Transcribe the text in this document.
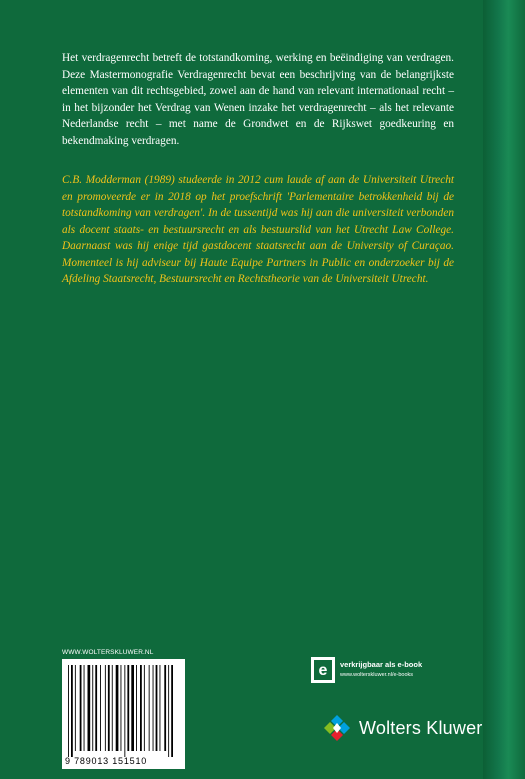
Het verdragenrecht betreft de totstandkoming, werking en beëindiging van verdragen. Deze Mastermonografie Verdragenrecht bevat een beschrijving van de belangrijkste elementen van dit rechtsgebied, zowel aan de hand van relevant internationaal recht – in het bijzonder het Verdrag van Wenen inzake het verdragenrecht – als het relevante Nederlandse recht – met name de Grondwet en de Rijkswet goedkeuring en bekendmaking verdragen.

C.B. Modderman (1989) studeerde in 2012 cum laude af aan de Universiteit Utrecht en promoveerde er in 2018 op het proefschrift 'Parlementaire betrokkenheid bij de totstandkoming van verdragen'. In de tussentijd was hij aan die universiteit verbonden als docent staats- en bestuursrecht en als bestuurslid van het Utrecht Law College. Daarnaast was hij enige tijd gastdocent staatsrecht aan de University of Curaçao. Momenteel is hij adviseur bij Haute Equipe Partners in Public en onderzoeker bij de Afdeling Staatsrecht, Bestuursrecht en Rechtstheorie van de Universiteit Utrecht.

WWW.WOLTERSKLUWER.NL
9 789013 151510
e verkrijgbaar als e-book
www.wolterskluwer.nl/e-books
Wolters Kluwer
